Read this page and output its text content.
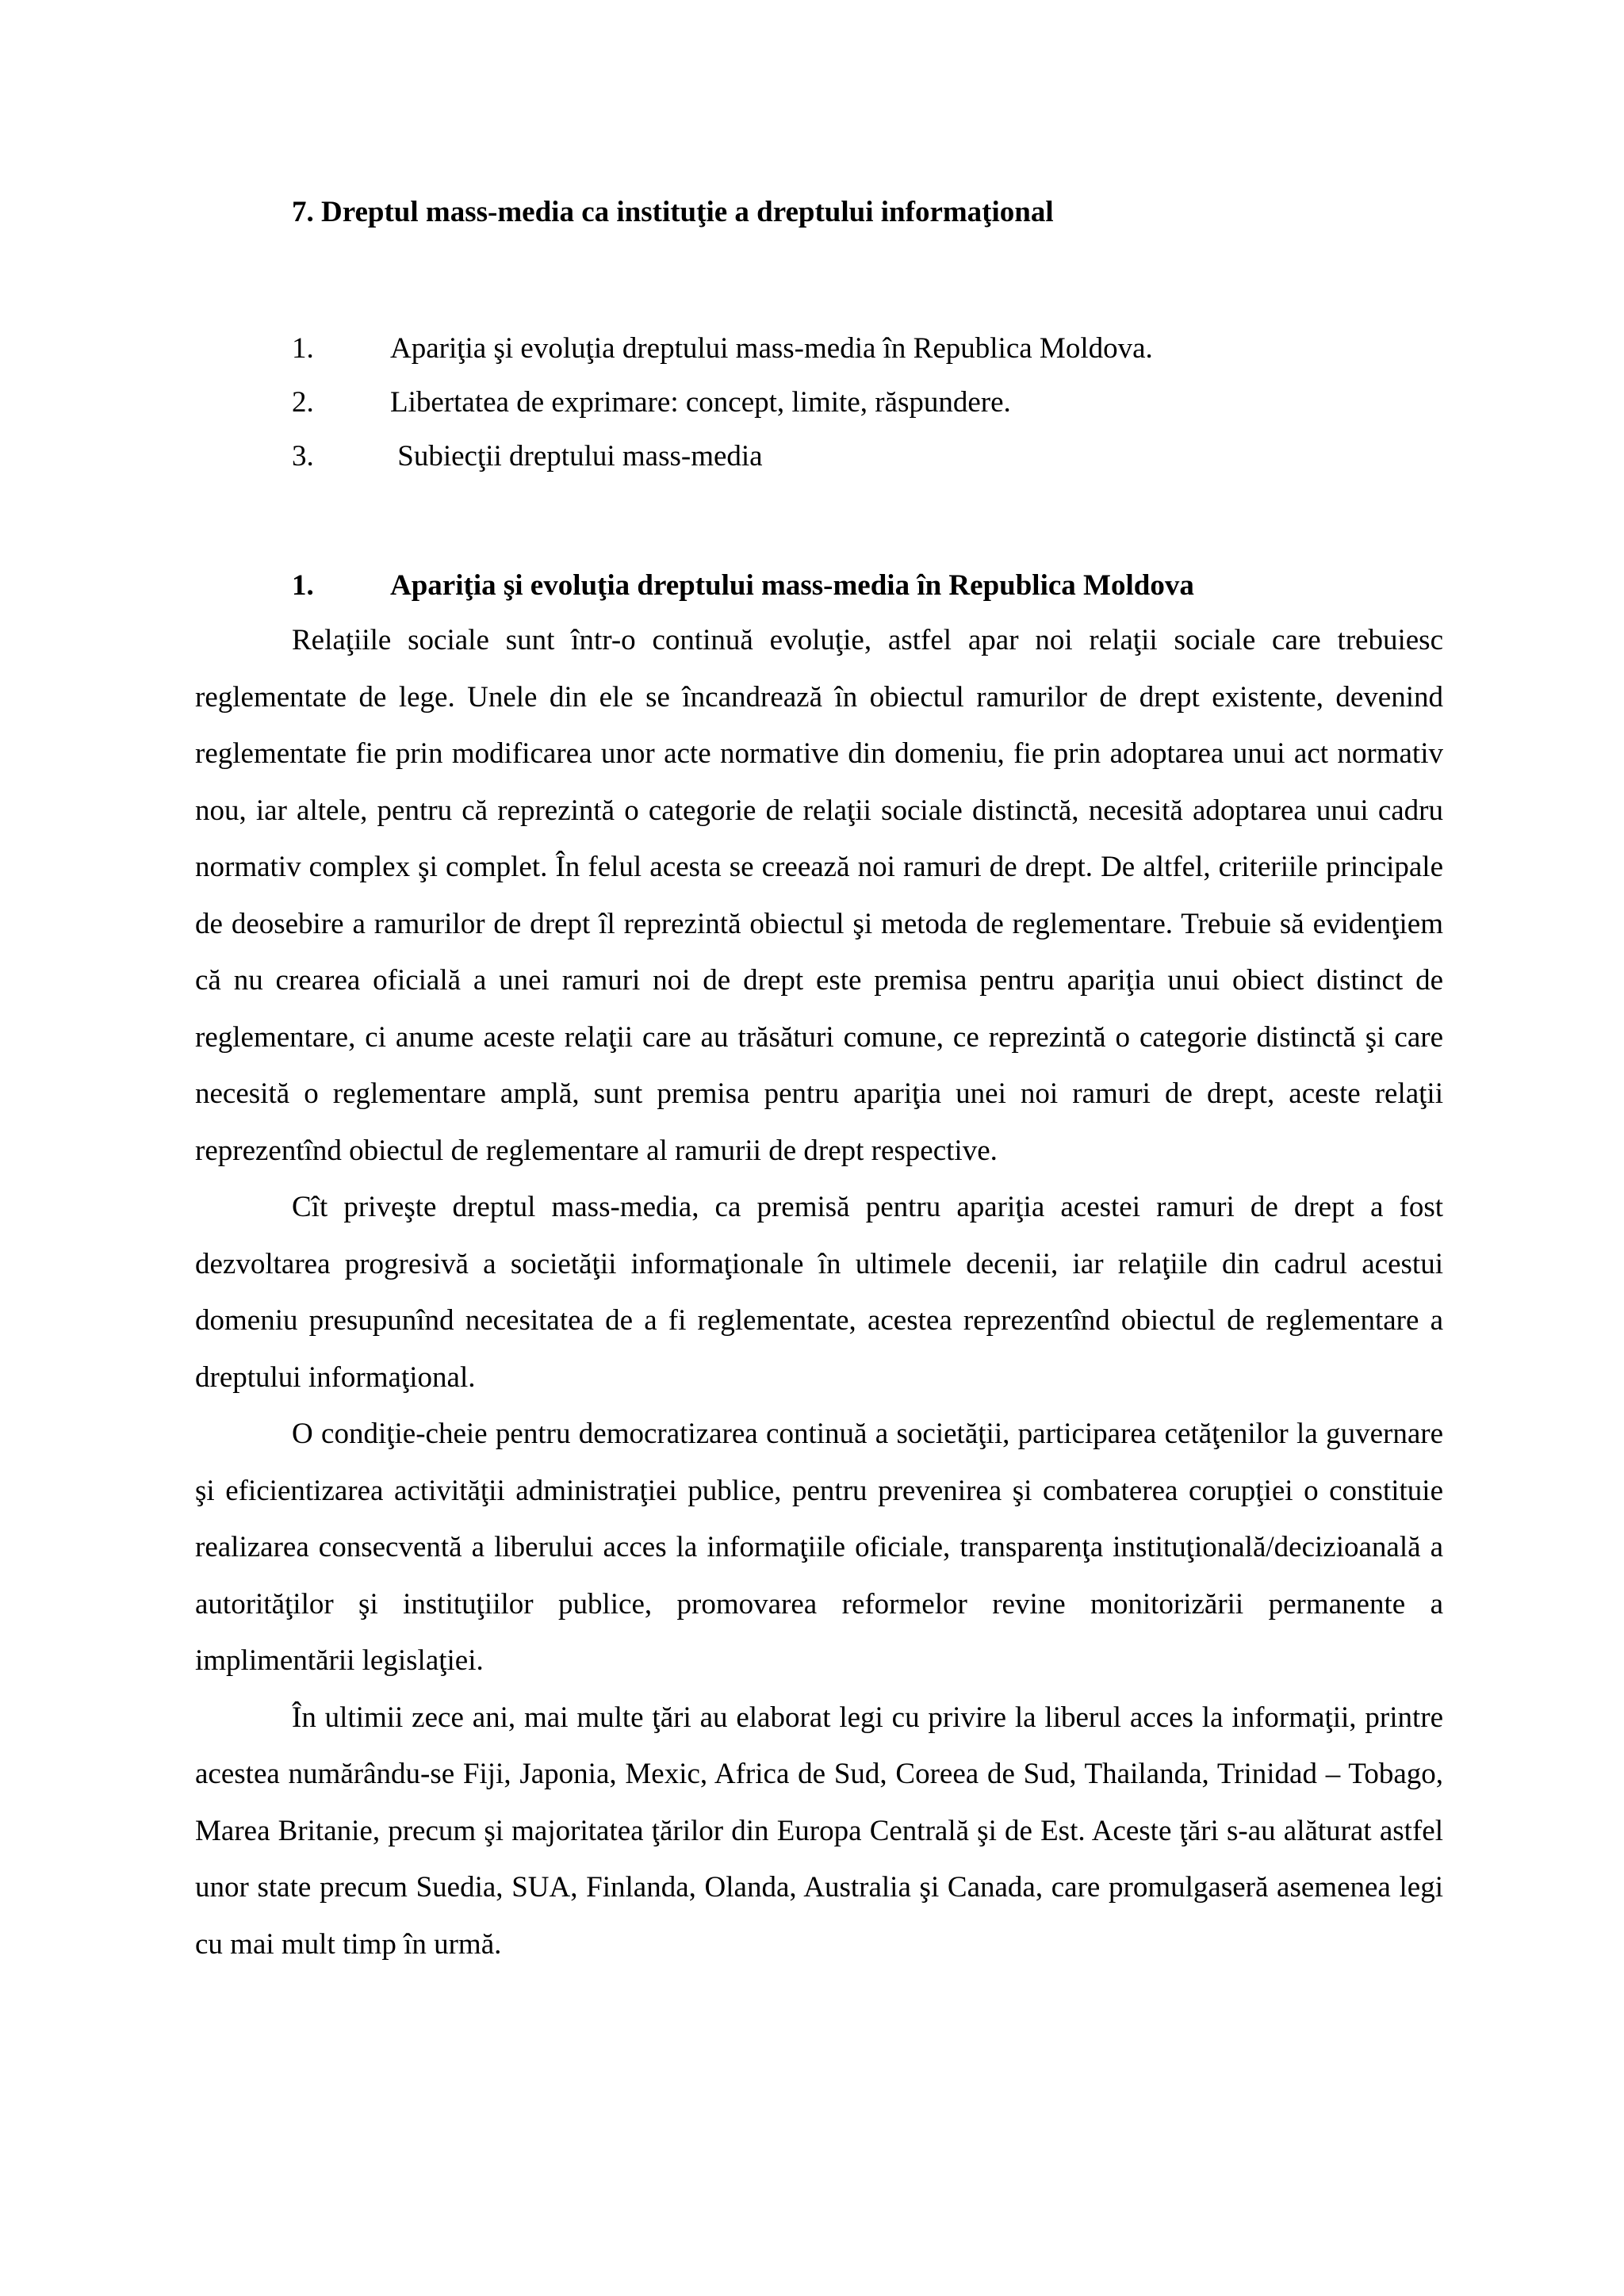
7. Dreptul mass-media ca instituţie a dreptului informaţional
1.	Apariţia şi evoluţia dreptului mass-media în Republica Moldova.
2.	Libertatea de exprimare: concept, limite, răspundere.
3.	Subiecţii dreptului mass-media
1.	Apariţia şi evoluţia dreptului mass-media în Republica Moldova

Relaţiile sociale sunt într-o continuă evoluţie, astfel apar noi relaţii sociale care trebuiesc reglementate de lege. Unele din ele se încandrează în obiectul ramurilor de drept existente, devenind reglementate fie prin modificarea unor acte normative din domeniu, fie prin adoptarea unui act normativ nou, iar altele, pentru că reprezintă o categorie de relaţii sociale distinctă, necesită adoptarea unui cadru normativ complex şi complet. În felul acesta se creează noi ramuri de drept. De altfel, criteriile principale de deosebire a ramurilor de drept îl reprezintă obiectul şi metoda de reglementare. Trebuie să evidenţiem că nu crearea oficială a unei ramuri noi de drept este premisa pentru apariţia unui obiect distinct de reglementare, ci anume aceste relaţii care au trăsături comune, ce reprezintă o categorie distinctă şi care necesită o reglementare amplă, sunt premisa pentru apariţia unei noi ramuri de drept, aceste relaţii reprezentînd obiectul de reglementare al ramurii de drept respective.

Cît priveşte dreptul mass-media, ca premisă pentru apariţia acestei ramuri de drept a fost dezvoltarea progresivă a societăţii informaţionale în ultimele decenii, iar relaţiile din cadrul acestui domeniu presupunînd necesitatea de a fi reglementate, acestea reprezentînd obiectul de reglementare a dreptului informaţional.

O condiţie-cheie pentru democratizarea continuă a societăţii, participarea cetăţenilor la guvernare şi eficientizarea activităţii administraţiei publice, pentru prevenirea şi combaterea corupţiei o constituie realizarea consecventă a liberului acces la informaţiile oficiale, transparenţa instituţională/decizioanală a autorităţilor şi instituţiilor publice, promovarea reformelor revine monitorizării permanente a implimentării legislaţiei.

În ultimii zece ani, mai multe ţări au elaborat legi cu privire la liberul acces la informaţii, printre acestea numărându-se Fiji, Japonia, Mexic, Africa de Sud, Coreea de Sud, Thailanda, Trinidad – Tobago, Marea Britanie, precum şi majoritatea ţărilor din Europa Centrală şi de Est. Aceste ţări s-au alăturat astfel unor state precum Suedia, SUA, Finlanda, Olanda, Australia şi Canada, care promulgaseră asemenea legi cu mai mult timp în urmă.
